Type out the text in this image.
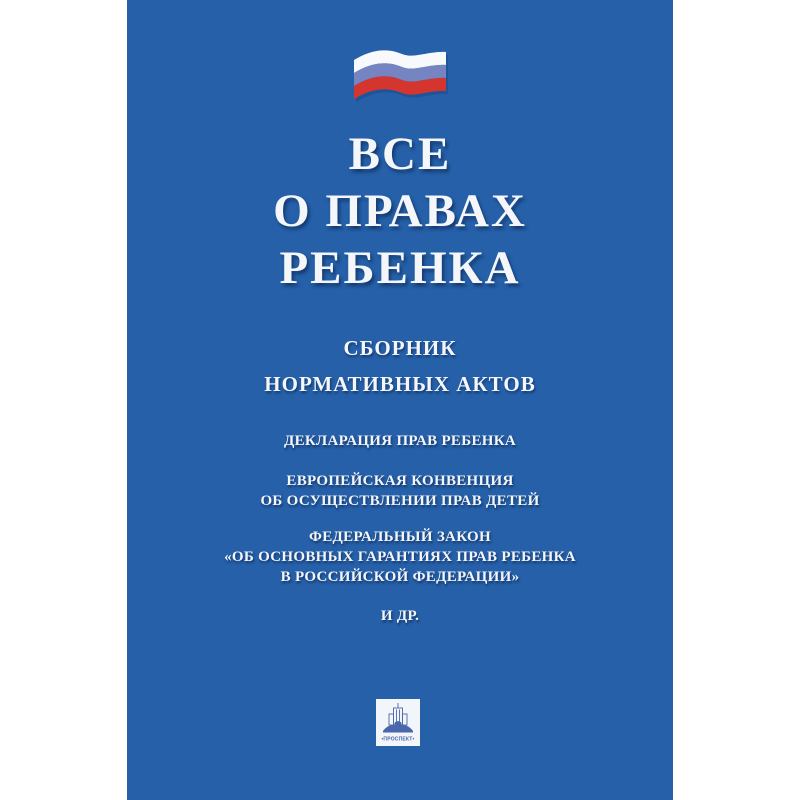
ВСЕ
О ПРАВАХ
РЕБЕНКА
СБОРНИК
НОРМАТИВНЫХ АКТОВ
ДЕКЛАРАЦИЯ ПРАВ РЕБЕНКА
ЕВРОПЕЙСКАЯ КОНВЕНЦИЯ
ОБ ОСУЩЕСТВЛЕНИИ ПРАВ ДЕТЕЙ
ФЕДЕРАЛЬНЫЙ ЗАКОН
«ОБ ОСНОВНЫХ ГАРАНТИЯХ ПРАВ РЕБЕНКА
В РОССИЙСКОЙ ФЕДЕРАЦИИ»
И ДР.
•ПРОСПЕКТ•
